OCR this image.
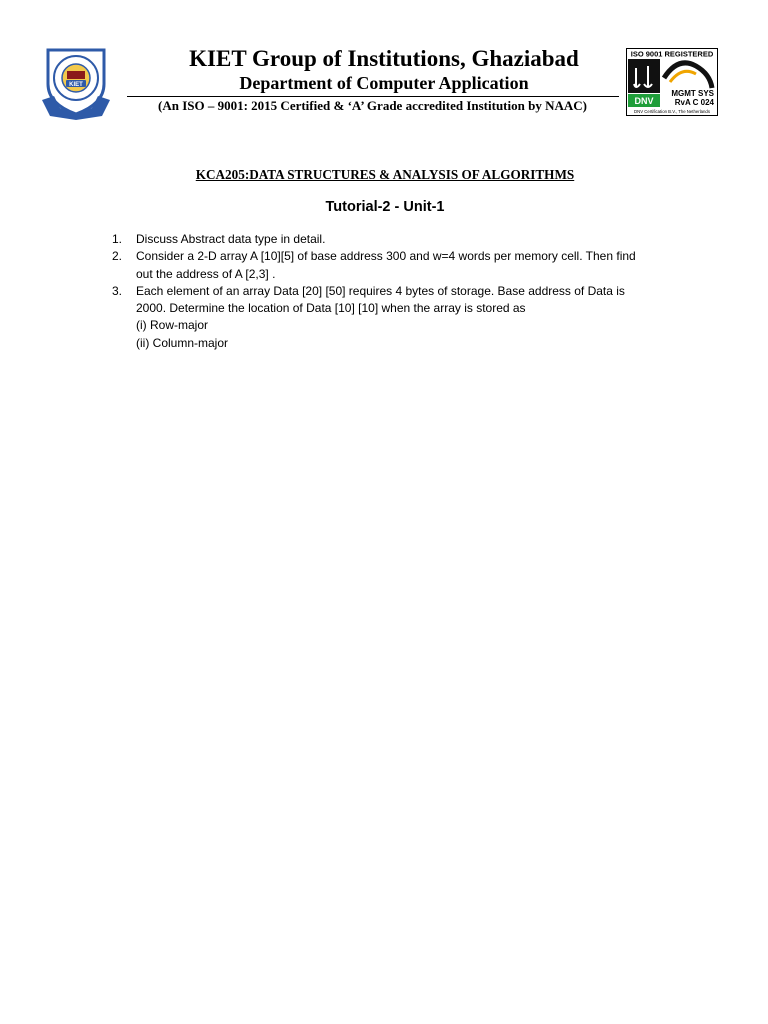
KIET
ISO 9001 REGISTERED
DNV
MGMT SYS
RvA C 024
DNV Certification B.V., The Netherlands
KIET Group of Institutions, Ghaziabad
Department of Computer Application
(An ISO – 9001: 2015 Certified & ‘A’ Grade accredited Institution by NAAC)
KCA205:DATA STRUCTURES & ANALYSIS OF ALGORITHMS
Tutorial-2 - Unit-1
1. Discuss Abstract data type in detail.
2. Consider a 2-D array A [10][5] of base address 300 and w=4 words per memory cell. Then find
out the address of A [2,3] .
3. Each element of an array Data [20] [50] requires 4 bytes of storage. Base address of Data is
2000. Determine the location of Data [10] [10] when the array is stored as
(i) Row-major
(ii) Column-major
